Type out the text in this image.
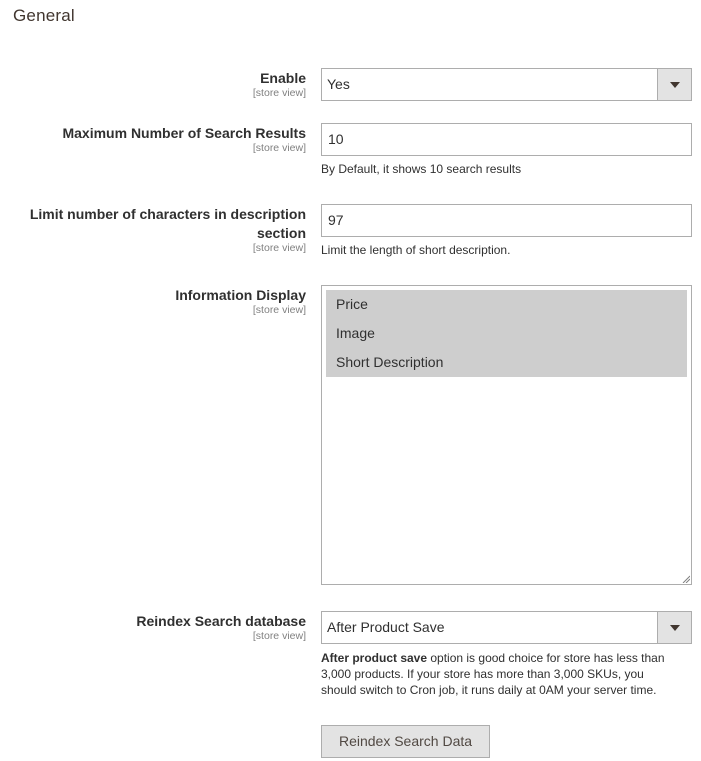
General
Enable
[store view]
Yes
Maximum Number of Search Results
[store view]
10
By Default, it shows 10 search results
Limit number of characters in description
section
[store view]
97
Limit the length of short description.
Information Display
[store view]	Price
Image
Short Description
Reindex Search database
[store view]
After Product Save
After product save option is good choice for store has less than
3,000 products. If your store has more than 3,000 SKUs, you
should switch to Cron job, it runs daily at 0AM your server time.
Reindex Search Data
